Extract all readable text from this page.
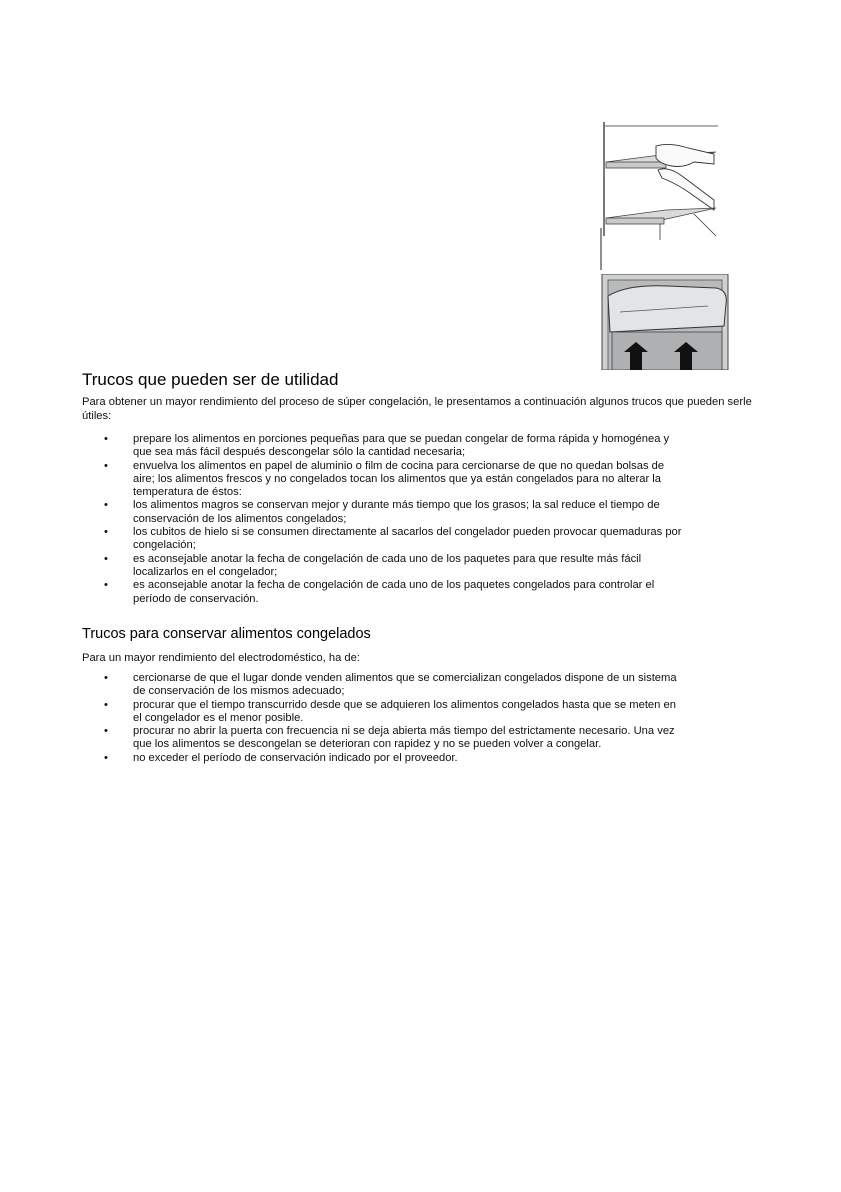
Trucos que pueden ser de utilidad

Para obtener un mayor rendimiento del proceso de súper congelación, le presentamos a continuación algunos trucos que pueden serle útiles:

• prepare los alimentos en porciones pequeñas para que se puedan congelar de forma rápida y homogénea y que sea más fácil después descongelar sólo la cantidad necesaria;
• envuelva los alimentos en papel de aluminio o film de cocina para cercionarse de que no quedan bolsas de aire; los alimentos frescos y no congelados tocan los alimentos que ya están congelados para no alterar la temperatura de éstos:
• los alimentos magros se conservan mejor y durante más tiempo que los grasos; la sal reduce el tiempo de conservación de los alimentos congelados;
• los cubitos de hielo si se consumen directamente al sacarlos del congelador pueden provocar quemaduras por congelación;
• es aconsejable anotar la fecha de congelación de cada uno de los paquetes para que resulte más fácil localizarlos en el congelador;
• es aconsejable anotar la fecha de congelación de cada uno de los paquetes congelados para controlar el período de conservación.
Trucos para conservar alimentos congelados

Para un mayor rendimiento del electrodoméstico, ha de:

• cercionarse de que el lugar donde venden alimentos que se comercializan congelados dispone de un sistema de conservación de los mismos adecuado;
• procurar que el tiempo transcurrido desde que se adquieren los alimentos congelados hasta que se meten en el congelador es el menor posible.
• procurar no abrir la puerta con frecuencia ni se deja abierta más tiempo del estrictamente necesario. Una vez que los alimentos se descongelan se deterioran con rapidez y no se pueden volver a congelar.
• no exceder el período de conservación indicado por el proveedor.
